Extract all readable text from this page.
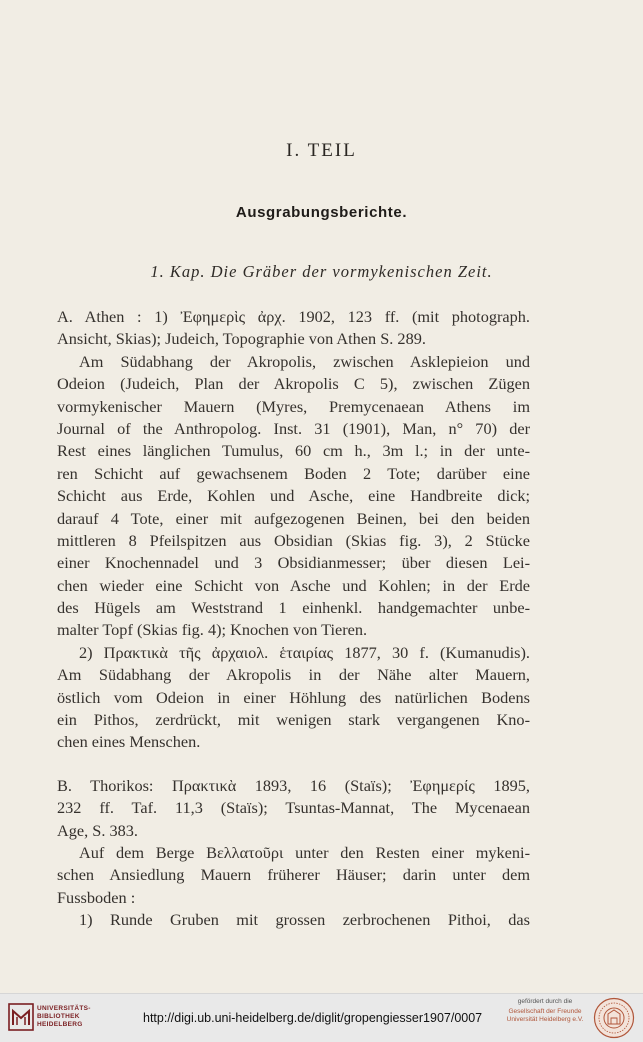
I. TEIL
Ausgrabungsberichte.
1. Kap. Die Gräber der vormykenischen Zeit.
A. Athen : 1) Ἐφημερὶς ἀρχ. 1902, 123 ff. (mit photograph.
Ansicht, Skias); Judeich, Topographie von Athen S. 289.
Am Südabhang der Akropolis, zwischen Asklepieion und
Odeion (Judeich, Plan der Akropolis C 5), zwischen Zügen
vormykenischer Mauern (Myres, Premycenaean Athens im
Journal of the Anthropolog. Inst. 31 (1901), Man, n° 70) der
Rest eines länglichen Tumulus, 60 cm h., 3m l.; in der unte-
ren Schicht auf gewachsenem Boden 2 Tote; darüber eine
Schicht aus Erde, Kohlen und Asche, eine Handbreite dick;
darauf 4 Tote, einer mit aufgezogenen Beinen, bei den beiden
mittleren 8 Pfeilspitzen aus Obsidian (Skias fig. 3), 2 Stücke
einer Knochennadel und 3 Obsidianmesser; über diesen Lei-
chen wieder eine Schicht von Asche und Kohlen; in der Erde
des Hügels am Weststrand 1 einhenkl. handgemachter unbe-
malter Topf (Skias fig. 4); Knochen von Tieren.
2) Πρακτικὰ τῆς ἀρχαιολ. ἑταιρίας 1877, 30 f. (Kumanudis).
Am Südabhang der Akropolis in der Nähe alter Mauern,
östlich vom Odeion in einer Höhlung des natürlichen Bodens
ein Pithos, zerdrückt, mit wenigen stark vergangenen Kno-
chen eines Menschen.
B. Thorikos: Πρακτικὰ 1893, 16 (Staïs); Ἐφημερίς 1895,
232 ff. Taf. 11,3 (Staïs); Tsuntas-Mannat, The Mycenaean
Age, S. 383.
Auf dem Berge Βελλατοῦρι unter den Resten einer mykeni-
schen Ansiedlung Mauern früherer Häuser; darin unter dem
Fussboden :
1) Runde Gruben mit grossen zerbrochenen Pithoi, das
UNIVERSITÄTS-
BIBLIOTHEK
HEIDELBERG	http://digi.ub.uni-heidelberg.de/diglit/gropengiesser1907/0007
gefördert durch die
Gesellschaft der Freunde
Universität Heidelberg e.V.
